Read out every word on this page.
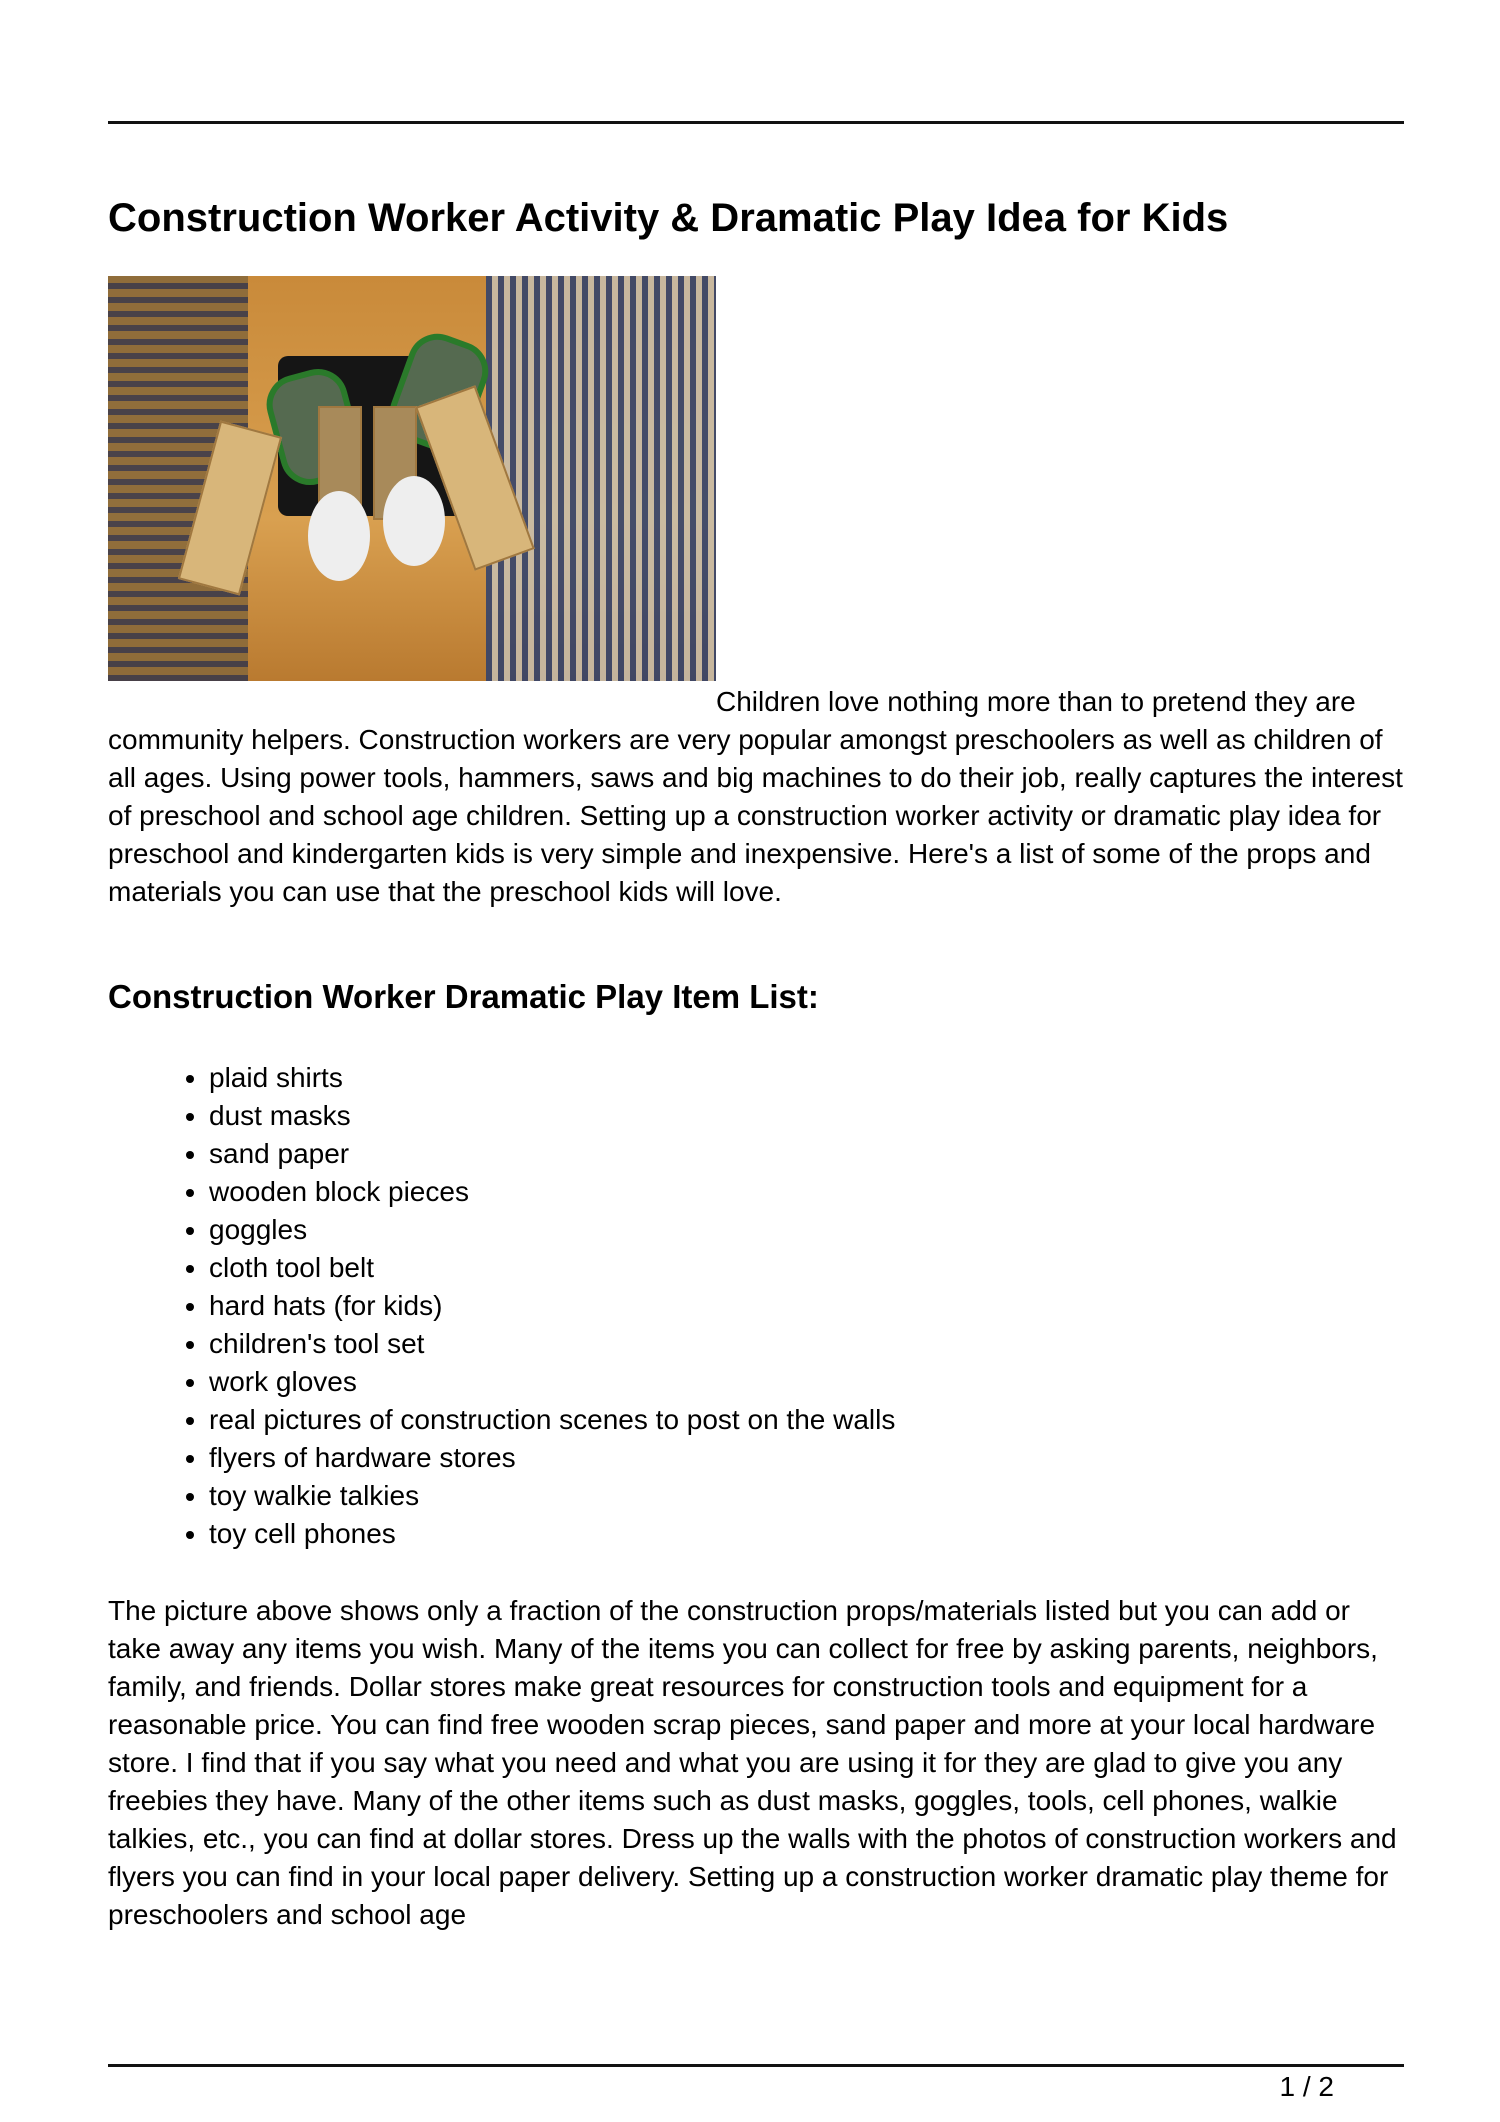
Construction Worker Activity & Dramatic Play Idea for Kids
Children love nothing more than to pretend they are community helpers. Construction workers are very popular amongst preschoolers as well as children of all ages. Using power tools, hammers, saws and big machines to do their job, really captures the interest of preschool and school age children. Setting up a construction worker activity or dramatic play idea for preschool and kindergarten kids is very simple and inexpensive. Here's a list of some of the props and materials you can use that the preschool kids will love.
Construction Worker Dramatic Play Item List:
• plaid shirts
• dust masks
• sand paper
• wooden block pieces
• goggles
• cloth tool belt
• hard hats (for kids)
• children's tool set
• work gloves
• real pictures of construction scenes to post on the walls
• flyers of hardware stores
• toy walkie talkies
• toy cell phones
The picture above shows only a fraction of the construction props/materials listed but you can add or take away any items you wish. Many of the items you can collect for free by asking parents, neighbors, family, and friends. Dollar stores make great resources for construction tools and equipment for a reasonable price. You can find free wooden scrap pieces, sand paper and more at your local hardware store. I find that if you say what you need and what you are using it for they are glad to give you any freebies they have. Many of the other items such as dust masks, goggles, tools, cell phones, walkie talkies, etc., you can find at dollar stores. Dress up the walls with the photos of construction workers and flyers you can find in your local paper delivery. Setting up a construction worker dramatic play theme for preschoolers and school age
1 / 2
